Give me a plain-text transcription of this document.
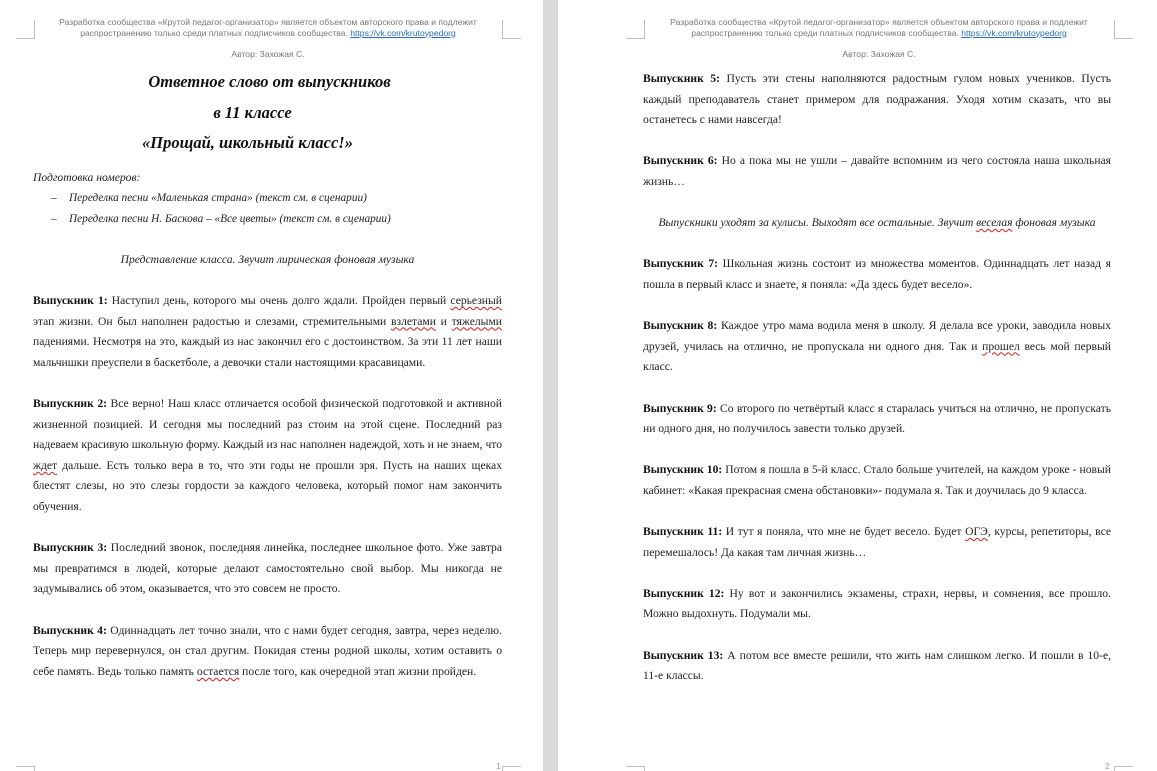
Разработка сообщества «Крутой педагог-организатор» является объектом авторского права и подлежит
распространению только среди платных подписчиков сообщества. https://vk.com/krutoypedorg
Автор: Захожая С.
Ответное слово от выпускников
в 11 классе
«Прощай, школьный класс!»

Подготовка номеров:

– Переделка песни «Маленькая страна» (текст см. в сценарии)

– Переделка песни Н. Баскова – «Все цветы» (текст см. в сценарии)

Представление класса. Звучит лирическая фоновая музыка

Выпускник 1: Наступил день, которого мы очень долго ждали. Пройден первый серьезный этап жизни. Он был наполнен радостью и слезами, стремительными взлетами и тяжелыми падениями. Несмотря на это, каждый из нас закончил его с достоинством. За эти 11 лет наши мальчишки преуспели в баскетболе, а девочки стали настоящими красавицами.

Выпускник 2: Все верно! Наш класс отличается особой физической подготовкой и активной жизненной позицией. И сегодня мы последний раз стоим на этой сцене. Последний раз надеваем красивую школьную форму. Каждый из нас наполнен надеждой, хоть и не знаем, что ждет дальше. Есть только вера в то, что эти годы не прошли зря. Пусть на наших щеках блестят слезы, но это слезы гордости за каждого человека, который помог нам закончить обучения.

Выпускник 3: Последний звонок, последняя линейка, последнее школьное фото. Уже завтра мы превратимся в людей, которые делают самостоятельно свой выбор. Мы никогда не задумывались об этом, оказывается, что это совсем не просто.

Выпускник 4: Одиннадцать лет точно знали, что с нами будет сегодня, завтра, через неделю. Теперь мир перевернулся, он стал другим. Покидая стены родной школы, хотим оставить о себе память. Ведь только память остается после того, как очередной этап жизни пройден.

1
Разработка сообщества «Крутой педагог-организатор» является объектом авторского права и подлежит
распространению только среди платных подписчиков сообщества. https://vk.com/krutoypedorg
Автор: Захожая С.

Выпускник 5: Пусть эти стены наполняются радостным гулом новых учеников. Пусть каждый преподаватель станет примером для подражания. Уходя хотим сказать, что вы останетесь с нами навсегда!

Выпускник 6: Но а пока мы не ушли – давайте вспомним из чего состояла наша школьная жизнь…

Выпускники уходят за кулисы. Выходят все остальные. Звучит веселая фоновая музыка

Выпускник 7: Школьная жизнь состоит из множества моментов. Одиннадцать лет назад я пошла в первый класс и знаете, я поняла: «Да здесь будет весело».

Выпускник 8: Каждое утро мама водила меня в школу. Я делала все уроки, заводила новых друзей, училась на отлично, не пропускала ни одного дня. Так и прошел весь мой первый класс.

Выпускник 9: Со второго по четвёртый класс я старалась учиться на отлично, не пропускать ни одного дня, но получилось завести только друзей.

Выпускник 10: Потом я пошла в 5-й класс. Стало больше учителей, на каждом уроке - новый кабинет: «Какая прекрасная смена обстановки»- подумала я. Так и доучилась до 9 класса.

Выпускник 11: И тут я поняла, что мне не будет весело. Будет ОГЭ, курсы, репетиторы, все перемешалось! Да какая там личная жизнь…

Выпускник 12: Ну вот и закончились экзамены, страхи, нервы, и сомнения, все прошло. Можно выдохнуть. Подумали мы.

Выпускник 13: А потом все вместе решили, что жить нам слишком легко. И пошли в 10-е, 11-е классы.

2
